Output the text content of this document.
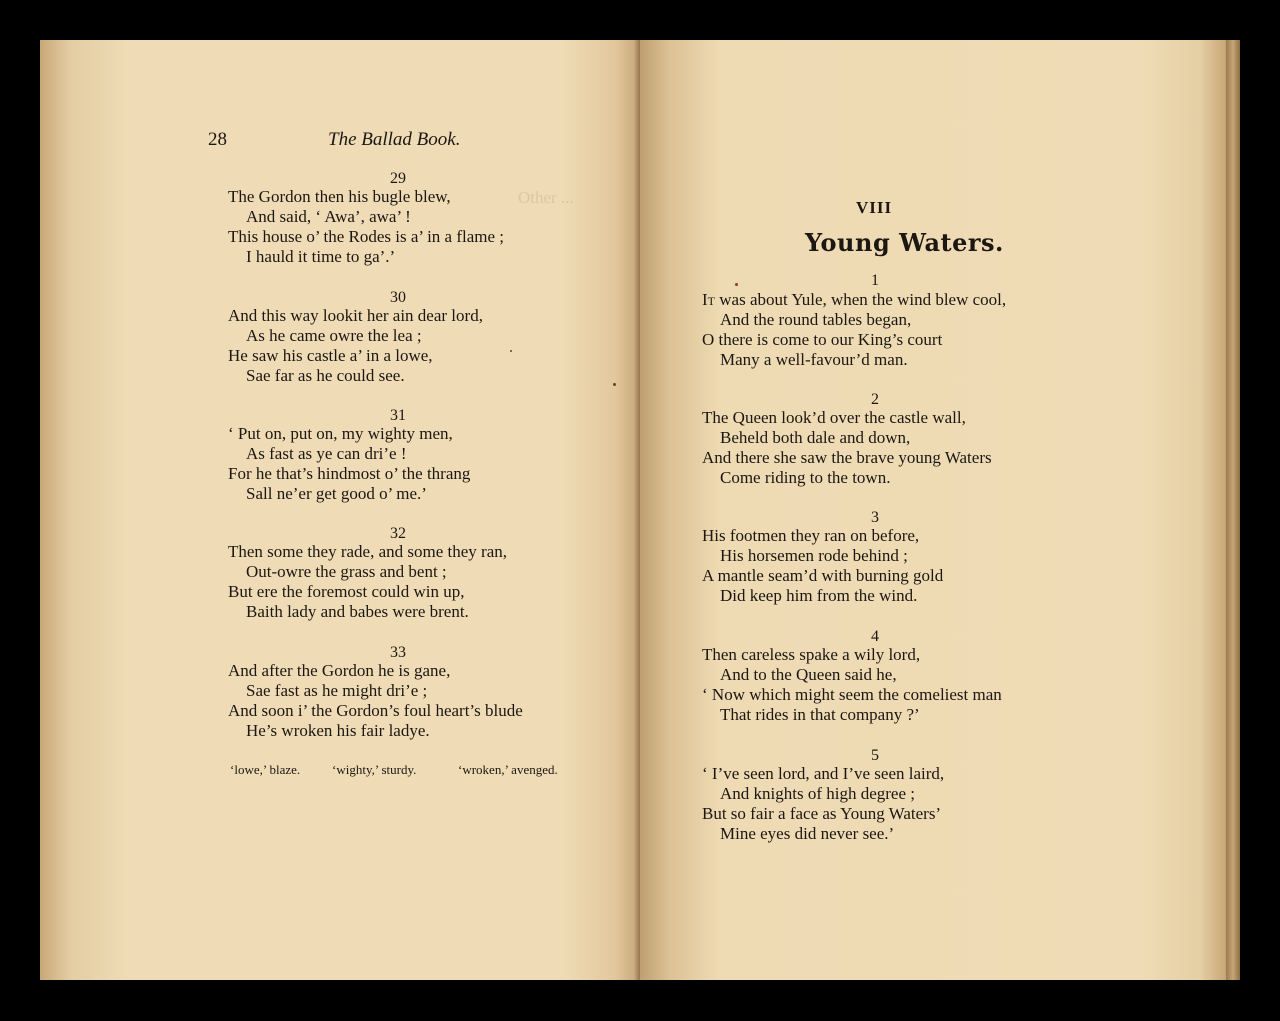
Other ...
28	The Ballad Book.
29
The Gordon then his bugle blew,
And said, ‘ Awa’, awa’ !
This house o’ the Rodes is a’ in a flame ;
I hauld it time to ga’.’
30
And this way lookit her ain dear lord,
As he came owre the lea ;
He saw his castle a’ in a lowe,
Sae far as he could see.
31
‘ Put on, put on, my wighty men,
As fast as ye can dri’e !
For he that’s hindmost o’ the thrang
Sall ne’er get good o’ me.’
32
Then some they rade, and some they ran,
Out-owre the grass and bent ;
But ere the foremost could win up,
Baith lady and babes were brent.
33
And after the Gordon he is gane,
Sae fast as he might dri’e ;
And soon i’ the Gordon’s foul heart’s blude
He’s wroken his fair ladye.
‘lowe,’ blaze. ‘wighty,’ sturdy.	‘wroken,’ avenged.
VIII
Young Waters.
1
It was about Yule, when the wind blew cool,
And the round tables began,
O there is come to our King’s court
Many a well-favour’d man.
2
The Queen look’d over the castle wall,
Beheld both dale and down,
And there she saw the brave young Waters
Come riding to the town.
3
His footmen they ran on before,
His horsemen rode behind ;
A mantle seam’d with burning gold
Did keep him from the wind.
4
Then careless spake a wily lord,
And to the Queen said he,
‘ Now which might seem the comeliest man
That rides in that company ?’
5
‘ I’ve seen lord, and I’ve seen laird,
And knights of high degree ;
But so fair a face as Young Waters’
Mine eyes did never see.’
